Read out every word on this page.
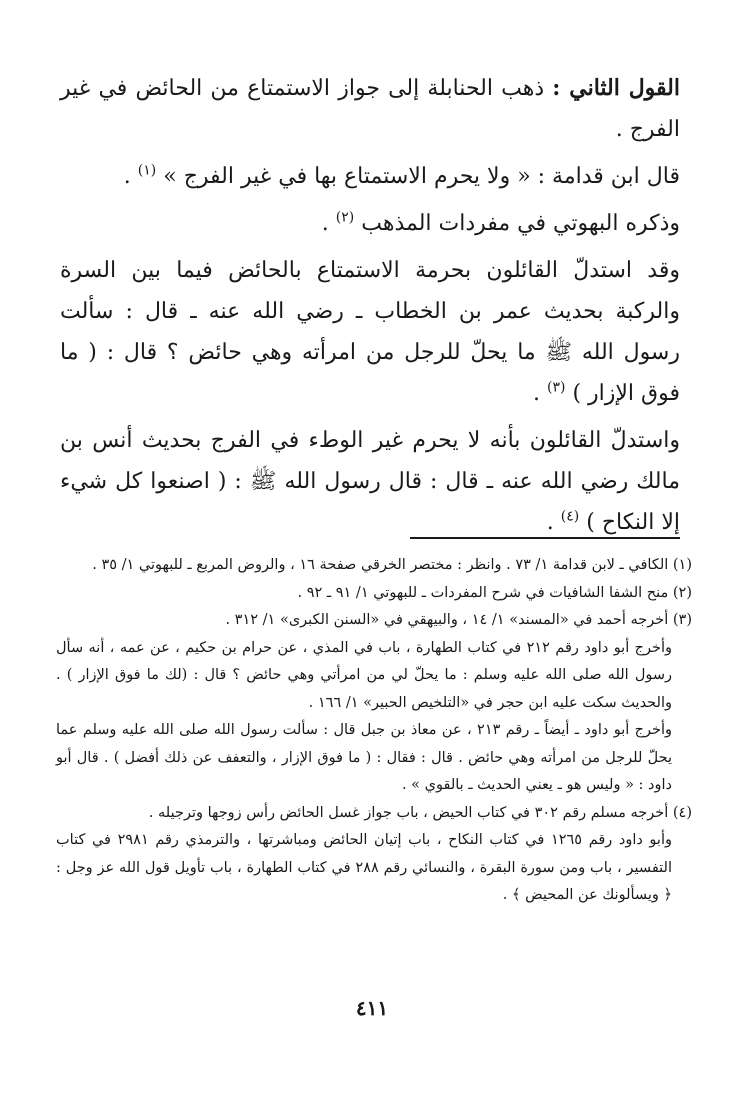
القول الثاني : ذهب الحنابلة إلى جواز الاستمتاع من الحائض في غير الفرج .

قال ابن قدامة : « ولا يحرم الاستمتاع بها في غير الفرج » $^{(١)}$ .

وذكره البهوتي في مفردات المذهب $^{(٢)}$ .

وقد استدلّ القائلون بحرمة الاستمتاع بالحائض فيما بين السرة والركبة بحديث عمر بن الخطاب ـ رضي الله عنه ـ قال : سألت رسول الله ﷺ ما يحلّ للرجل من امرأته وهي حائض ؟ قال : ( ما فوق الإزار ) $^{(٣)}$ .

واستدلّ القائلون بأنه لا يحرم غير الوطء في الفرج بحديث أنس بن مالك رضي الله عنه ـ قال : قال رسول الله ﷺ : ( اصنعوا كل شيء إلا النكاح ) $^{(٤)}$ .

(١) الكافي ـ لابن قدامة ١/ ٧٣ . وانظر : مختصر الخرقي صفحة ١٦ ، والروض المربع ـ للبهوتي ١/ ٣٥ .

(٢) منح الشفا الشافيات في شرح المفردات ـ للبهوتي ١/ ٩١ ـ ٩٢ .

(٣) أخرجه أحمد في «المسند» ١/ ١٤ ، والبيهقي في «السنن الكبرى» ١/ ٣١٢ .

وأخرج أبو داود رقم ٢١٢ في كتاب الطهارة ، باب في المذي ، عن حرام بن حكيم ، عن عمه ، أنه سأل رسول الله صلى الله عليه وسلم : ما يحلّ لي من امرأتي وهي حائض ؟ قال : (لك ما فوق الإزار ) . والحديث سكت عليه ابن حجر في «التلخيص الحبير» ١/ ١٦٦ .

وأخرج أبو داود ـ أيضاً ـ رقم ٢١٣ ، عن معاذ بن جبل قال : سألت رسول الله صلى الله عليه وسلم عما يحلّ للرجل من امرأته وهي حائض . قال : فقال : ( ما فوق الإزار ، والتعفف عن ذلك أفضل ) . قال أبو داود : « وليس هو ـ يعني الحديث ـ بالقوي » .

(٤) أخرجه مسلم رقم ٣٠٢ في كتاب الحيض ، باب جواز غسل الحائض رأس زوجها وترجيله .

وأبو داود رقم ١٢٦٥ في كتاب النكاح ، باب إتيان الحائض ومباشرتها ، والترمذي رقم ٢٩٨١ في كتاب التفسير ، باب ومن سورة البقرة ، والنسائي رقم ٢٨٨ في كتاب الطهارة ، باب تأويل قول الله عز وجل : ﴿ ويسألونك عن المحيض ﴾ .

٤١١
